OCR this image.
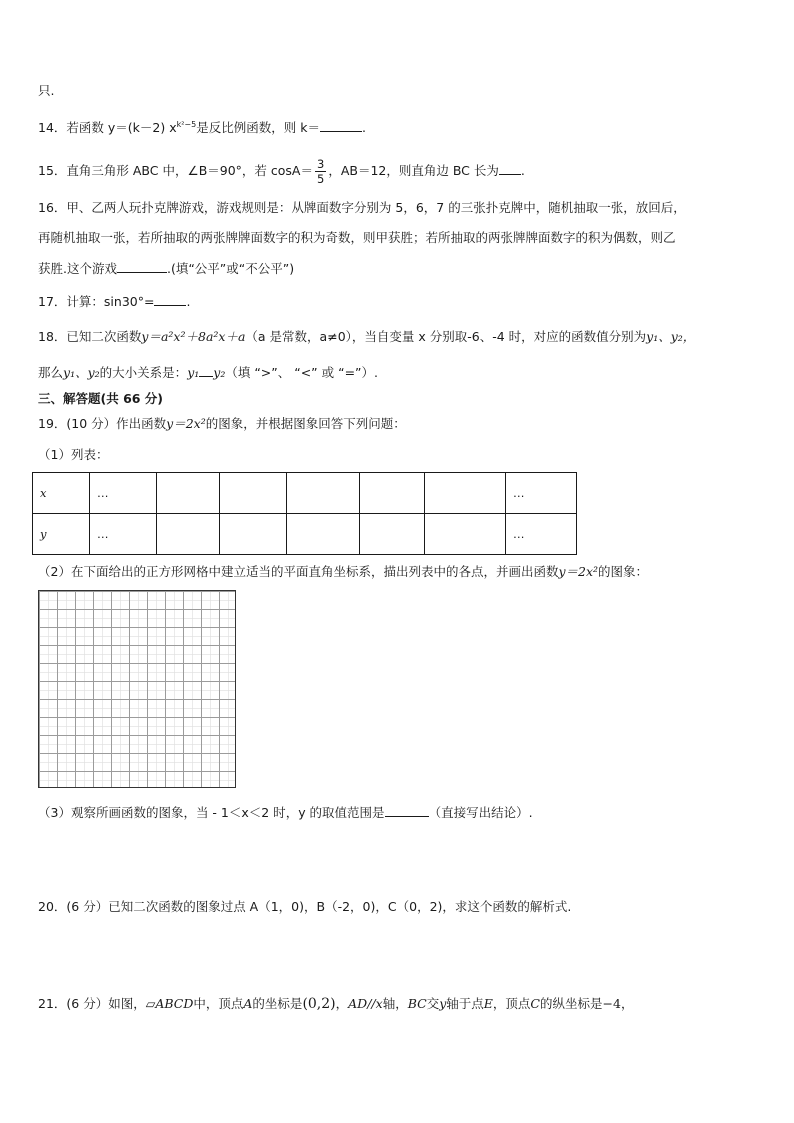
只.
14．若函数 y＝(k－2) $x^{k^2-5}$是反比例函数，则 k＝	.
15．直角三角形 ABC 中，∠B＝90°，若 $\cos A= \frac{3}{5}$ ，AB＝12，则直角边 BC 长为 .
16．甲、乙两人玩扑克牌游戏，游戏规则是：从牌面数字分别为 5，6，7 的三张扑克牌中，随机抽取一张，放回后，
再随机抽取一张，若所抽取的两张牌牌面数字的积为奇数，则甲获胜；若所抽取的两张牌牌面数字的积为偶数，则乙
获胜.这个游戏	.(填“公平”或“不公平”)
17．计算：sin30°=	.
18．已知二次函数y＝a²x²＋8a²x＋a（a 是常数，a≠0），当自变量 x 分别取-6、-4 时，对应的函数值分别为y₁、y₂，
那么y₁、y₂的大小关系是：y₁ y₂（填 “>”、 “<” 或 “=”）.
三、解答题(共 66 分)
19．(10 分）作出函数y＝2x²的图象，并根据图象回答下列问题：
（1）列表：
x	…						…
y	…						…
（2）在下面给出的正方形网格中建立适当的平面直角坐标系，描出列表中的各点，并画出函数y＝2x²的图象：
（3）观察所画函数的图象，当 - 1＜x＜2 时，y 的取值范围是	（直接写出结论）.
20．(6 分）已知二次函数的图象过点 A（1，0)，B（-2，0)，C（0，2)，求这个函数的解析式.
21．(6 分）如图，▱ABCD中，顶点A的坐标是(0,2)，AD//x轴，BC交y轴于点E，顶点C的纵坐标是−4，
